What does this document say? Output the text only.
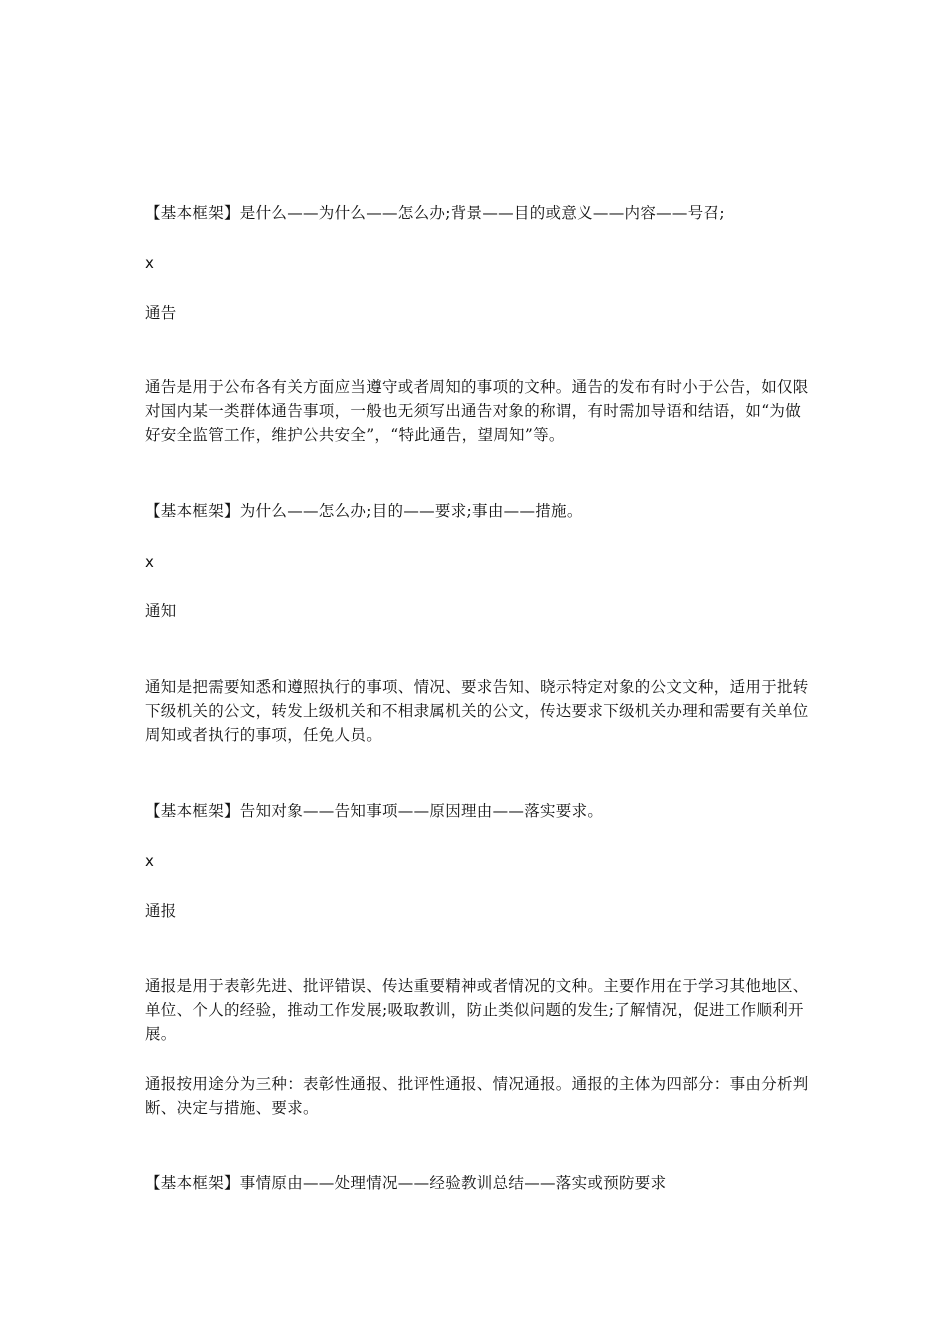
【基本框架】是什么——为什么——怎么办;背景——目的或意义——内容——号召;

x

通告

通告是用于公布各有关方面应当遵守或者周知的事项的文种。通告的发布有时小于公告，如仅限对国内某一类群体通告事项，一般也无须写出通告对象的称谓，有时需加导语和结语，如“为做好安全监管工作，维护公共安全”，“特此通告，望周知”等。

【基本框架】为什么——怎么办;目的——要求;事由——措施。

x

通知

通知是把需要知悉和遵照执行的事项、情况、要求告知、晓示特定对象的公文文种，适用于批转下级机关的公文，转发上级机关和不相隶属机关的公文，传达要求下级机关办理和需要有关单位周知或者执行的事项，任免人员。

【基本框架】告知对象——告知事项——原因理由——落实要求。

x

通报

通报是用于表彰先进、批评错误、传达重要精神或者情况的文种。主要作用在于学习其他地区、单位、个人的经验，推动工作发展;吸取教训，防止类似问题的发生;了解情况，促进工作顺利开展。

通报按用途分为三种：表彰性通报、批评性通报、情况通报。通报的主体为四部分：事由分析判断、决定与措施、要求。

【基本框架】事情原由——处理情况——经验教训总结——落实或预防要求
